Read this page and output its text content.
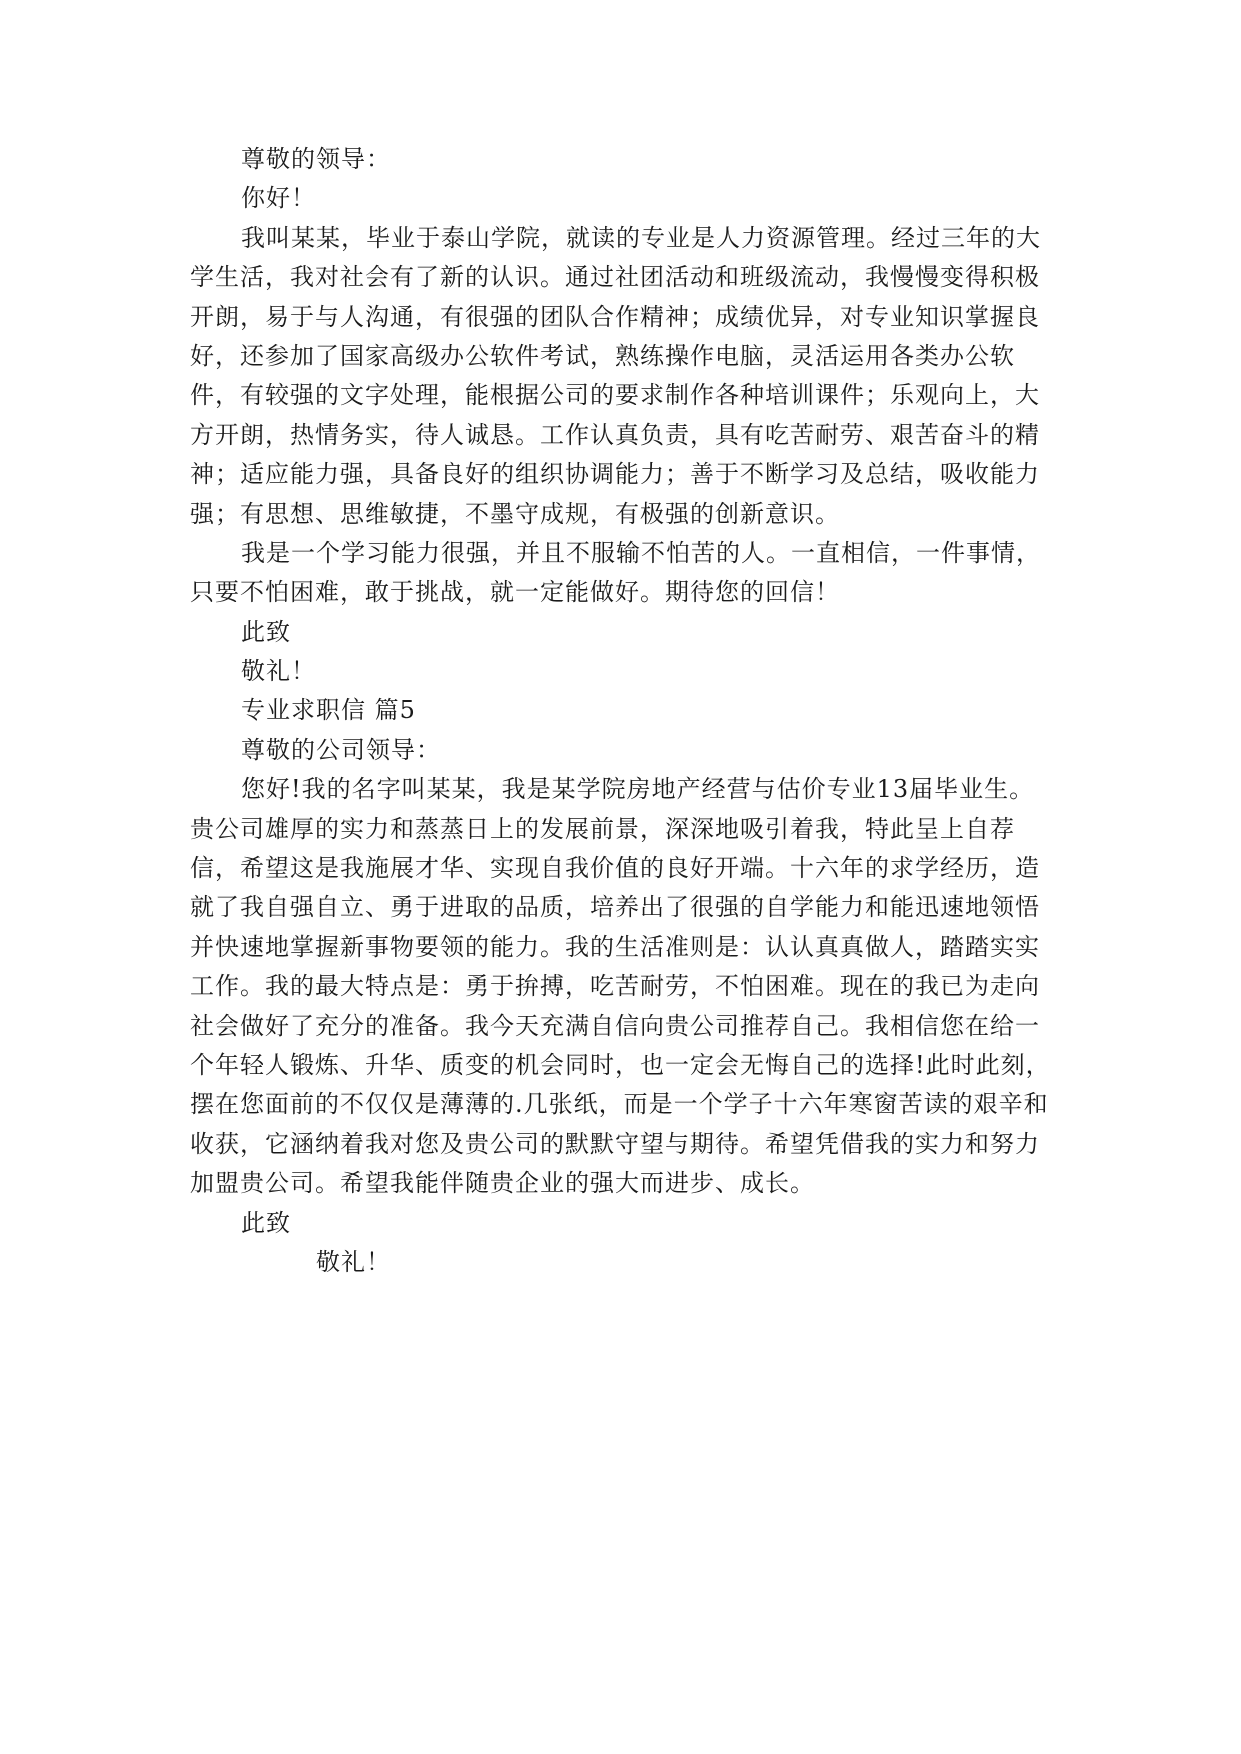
尊敬的领导：
你好！
我叫某某，毕业于泰山学院，就读的专业是人力资源管理。经过三年的大
学生活，我对社会有了新的认识。通过社团活动和班级流动，我慢慢变得积极
开朗，易于与人沟通，有很强的团队合作精神；成绩优异，对专业知识掌握良
好，还参加了国家高级办公软件考试，熟练操作电脑，灵活运用各类办公软
件，有较强的文字处理，能根据公司的要求制作各种培训课件；乐观向上，大
方开朗，热情务实，待人诚恳。工作认真负责，具有吃苦耐劳、艰苦奋斗的精
神；适应能力强，具备良好的组织协调能力；善于不断学习及总结，吸收能力
强；有思想、思维敏捷，不墨守成规，有极强的创新意识。
我是一个学习能力很强，并且不服输不怕苦的人。一直相信，一件事情，
只要不怕困难，敢于挑战，就一定能做好。期待您的回信！
此致
敬礼！
专业求职信 篇5
尊敬的公司领导：
您好!我的名字叫某某，我是某学院房地产经营与估价专业13届毕业生。
贵公司雄厚的实力和蒸蒸日上的发展前景，深深地吸引着我，特此呈上自荐
信，希望这是我施展才华、实现自我价值的良好开端。十六年的求学经历，造
就了我自强自立、勇于进取的品质，培养出了很强的自学能力和能迅速地领悟
并快速地掌握新事物要领的能力。我的生活准则是：认认真真做人，踏踏实实
工作。我的最大特点是：勇于拚搏，吃苦耐劳，不怕困难。现在的我已为走向
社会做好了充分的准备。我今天充满自信向贵公司推荐自己。我相信您在给一
个年轻人锻炼、升华、质变的机会同时，也一定会无悔自己的选择!此时此刻，
摆在您面前的不仅仅是薄薄的.几张纸，而是一个学子十六年寒窗苦读的艰辛和
收获，它涵纳着我对您及贵公司的默默守望与期待。希望凭借我的实力和努力
加盟贵公司。希望我能伴随贵企业的强大而进步、成长。
此致
敬礼！
